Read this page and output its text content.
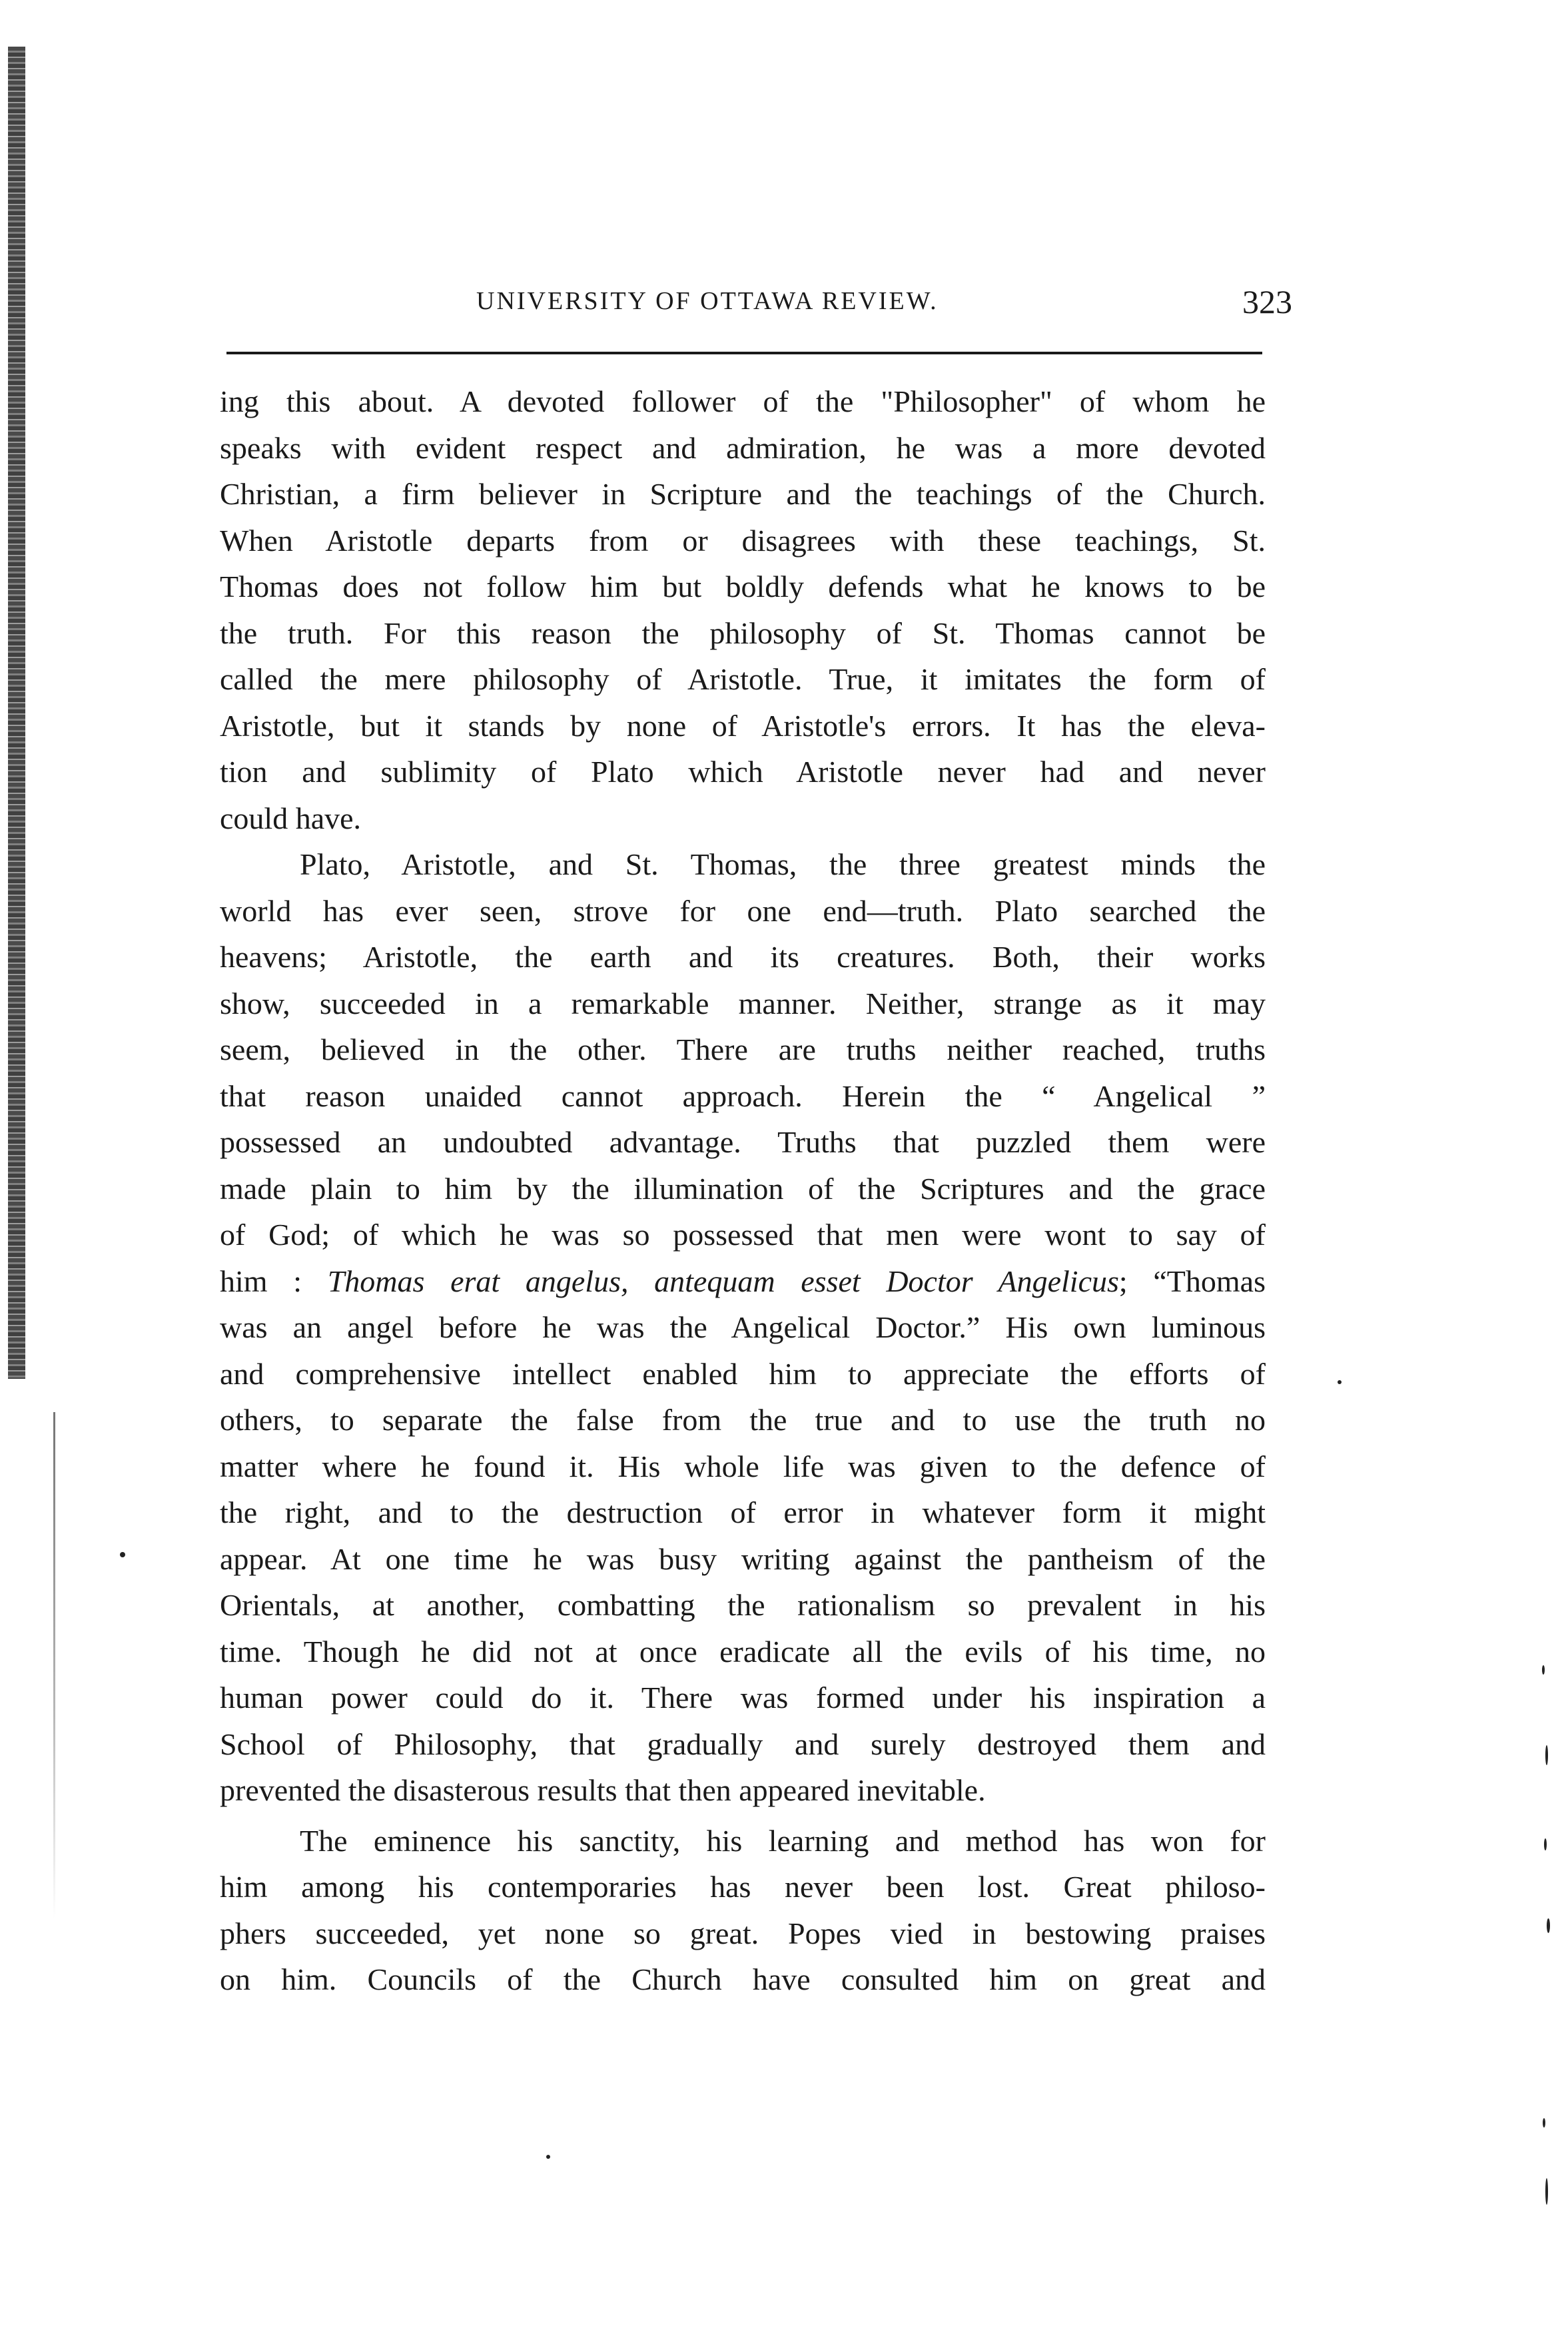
UNIVERSITY OF OTTAWA REVIEW.	323
ing this about. A devoted follower of the "Philosopher" of whom he
speaks with evident respect and admiration, he was a more devoted
Christian, a firm believer in Scripture and the teachings of the Church.
When Aristotle departs from or disagrees with these teachings, St.
Thomas does not follow him but boldly defends what he knows to be
the truth. For this reason the philosophy of St. Thomas cannot be
called the mere philosophy of Aristotle. True, it imitates the form of
Aristotle, but it stands by none of Aristotle's errors. It has the eleva-
tion and sublimity of Plato which Aristotle never had and never
could have.
Plato, Aristotle, and St. Thomas, the three greatest minds the
world has ever seen, strove for one end—truth. Plato searched the
heavens; Aristotle, the earth and its creatures. Both, their works
show, succeeded in a remarkable manner. Neither, strange as it may
seem, believed in the other. There are truths neither reached, truths
that reason unaided cannot approach. Herein the “ Angelical ”
possessed an undoubted advantage. Truths that puzzled them were
made plain to him by the illumination of the Scriptures and the grace
of God; of which he was so possessed that men were wont to say of
him : Thomas erat angelus, antequam esset Doctor Angelicus; “Thomas
was an angel before he was the Angelical Doctor.” His own luminous
and comprehensive intellect enabled him to appreciate the efforts of
others, to separate the false from the true and to use the truth no
matter where he found it. His whole life was given to the defence of
the right, and to the destruction of error in whatever form it might
appear. At one time he was busy writing against the pantheism of the
Orientals, at another, combatting the rationalism so prevalent in his
time. Though he did not at once eradicate all the evils of his time, no
human power could do it. There was formed under his inspiration a
School of Philosophy, that gradually and surely destroyed them and
prevented the disasterous results that then appeared inevitable.
The eminence his sanctity, his learning and method has won for
him among his contemporaries has never been lost. Great philoso-
phers succeeded, yet none so great. Popes vied in bestowing praises
on him. Councils of the Church have consulted him on great and
